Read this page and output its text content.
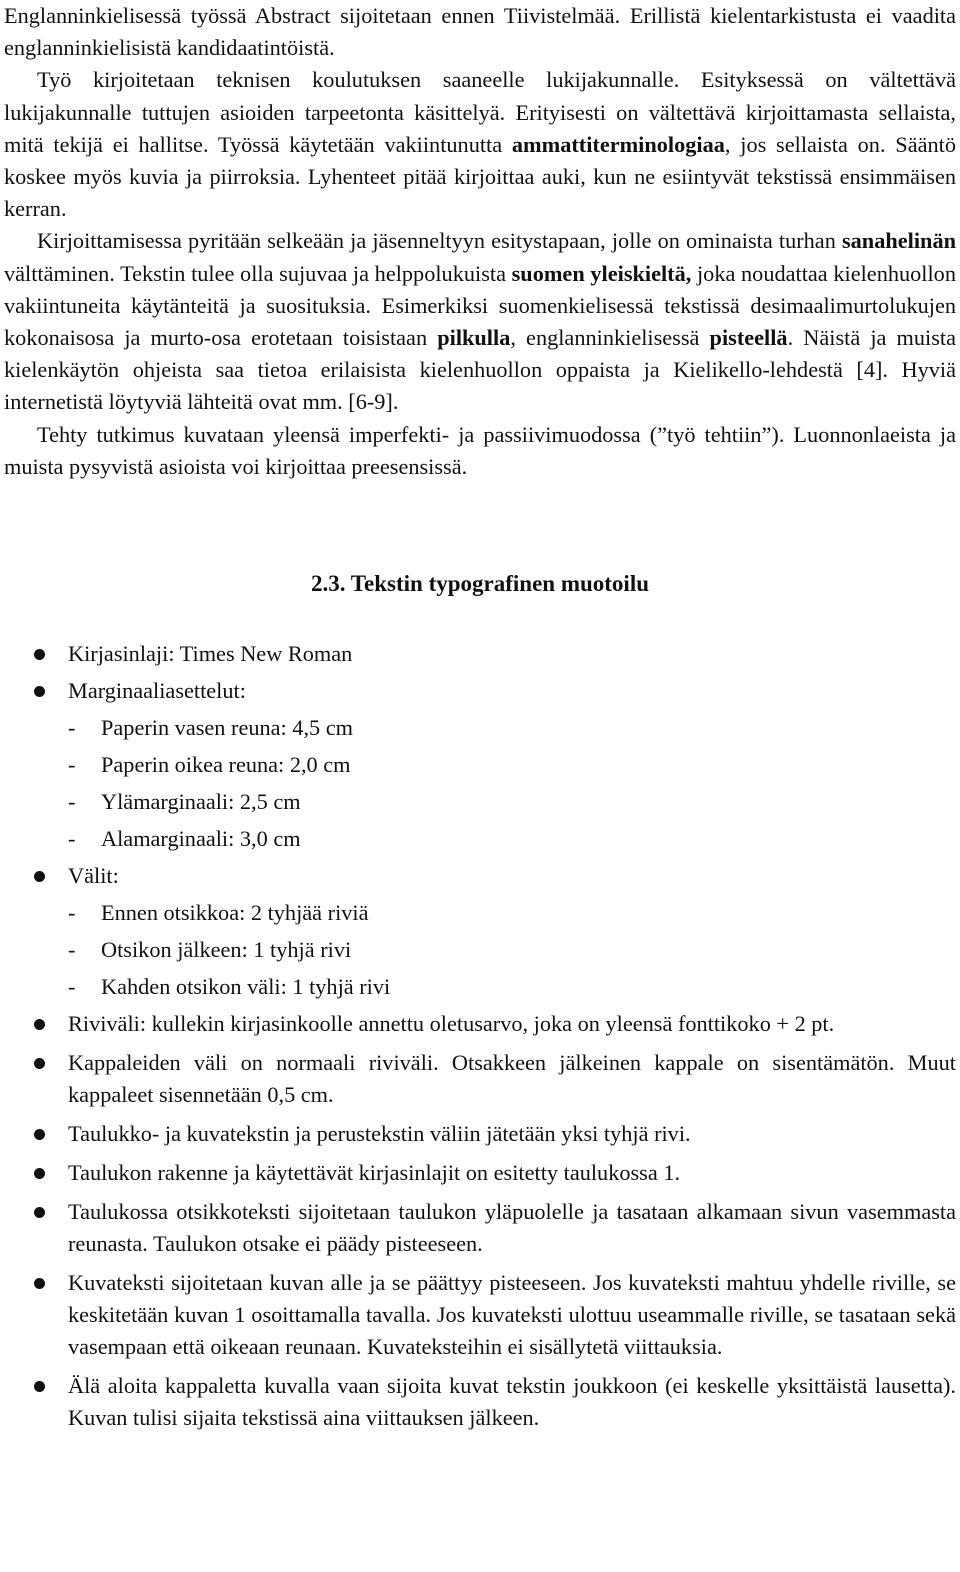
Englanninkielisessä työssä Abstract sijoitetaan ennen Tiivistelmää. Erillistä kielentarkistusta ei vaadita englanninkielisistä kandidaatintöistä.

Työ kirjoitetaan teknisen koulutuksen saaneelle lukijakunnalle. Esityksessä on vältettävä lukijakunnalle tuttujen asioiden tarpeetonta käsittelyä. Erityisesti on vältettävä kirjoittamasta sellaista, mitä tekijä ei hallitse. Työssä käytetään vakiintunutta ammattiterminologiaa, jos sellaista on. Sääntö koskee myös kuvia ja piirroksia. Lyhenteet pitää kirjoittaa auki, kun ne esiintyvät tekstissä ensimmäisen kerran.

Kirjoittamisessa pyritään selkeään ja jäsenneltyyn esitystapaan, jolle on ominaista turhan sanahelinän välttäminen. Tekstin tulee olla sujuvaa ja helppolukuista suomen yleiskieltä, joka noudattaa kielenhuollon vakiintuneita käytänteitä ja suosituksia. Esimerkiksi suomenkielisessä tekstissä desimaalimurtolukujen kokonaisosa ja murto-osa erotetaan toisistaan pilkulla, englanninkielisessä pisteellä. Näistä ja muista kielenkäytön ohjeista saa tietoa erilaisista kielenhuollon oppaista ja Kielikello-lehdestä [4]. Hyviä internetistä löytyviä lähteitä ovat mm. [6-9].

Tehty tutkimus kuvataan yleensä imperfekti- ja passiivimuodossa (”työ tehtiin”). Luonnonlaeista ja muista pysyvistä asioista voi kirjoittaa preesensissä.

2.3. Tekstin typografinen muotoilu
Kirjasinlaji: Times New Roman
Marginaaliasettelut:
- Paperin vasen reuna: 4,5 cm
- Paperin oikea reuna: 2,0 cm
- Ylämarginaali: 2,5 cm
- Alamarginaali: 3,0 cm
Välit:
- Ennen otsikkoa: 2 tyhjää riviä
- Otsikon jälkeen: 1 tyhjä rivi
- Kahden otsikon väli: 1 tyhjä rivi
Riviväli: kullekin kirjasinkoolle annettu oletusarvo, joka on yleensä fonttikoko + 2 pt.
Kappaleiden väli on normaali riviväli. Otsakkeen jälkeinen kappale on sisentämätön. Muut kappaleet sisennetään 0,5 cm.
Taulukko- ja kuvatekstin ja perustekstin väliin jätetään yksi tyhjä rivi.
Taulukon rakenne ja käytettävät kirjasinlajit on esitetty taulukossa 1.
Taulukossa otsikkoteksti sijoitetaan taulukon yläpuolelle ja tasataan alkamaan sivun vasemmasta reunasta. Taulukon otsake ei päädy pisteeseen.
Kuvateksti sijoitetaan kuvan alle ja se päättyy pisteeseen. Jos kuvateksti mahtuu yhdelle riville, se keskitetään kuvan 1 osoittamalla tavalla. Jos kuvateksti ulottuu useammalle riville, se tasataan sekä vasempaan että oikeaan reunaan. Kuvateksteihin ei sisällytetä viittauksia.
Älä aloita kappaletta kuvalla vaan sijoita kuvat tekstin joukkoon (ei keskelle yksittäistä lausetta). Kuvan tulisi sijaita tekstissä aina viittauksen jälkeen.
